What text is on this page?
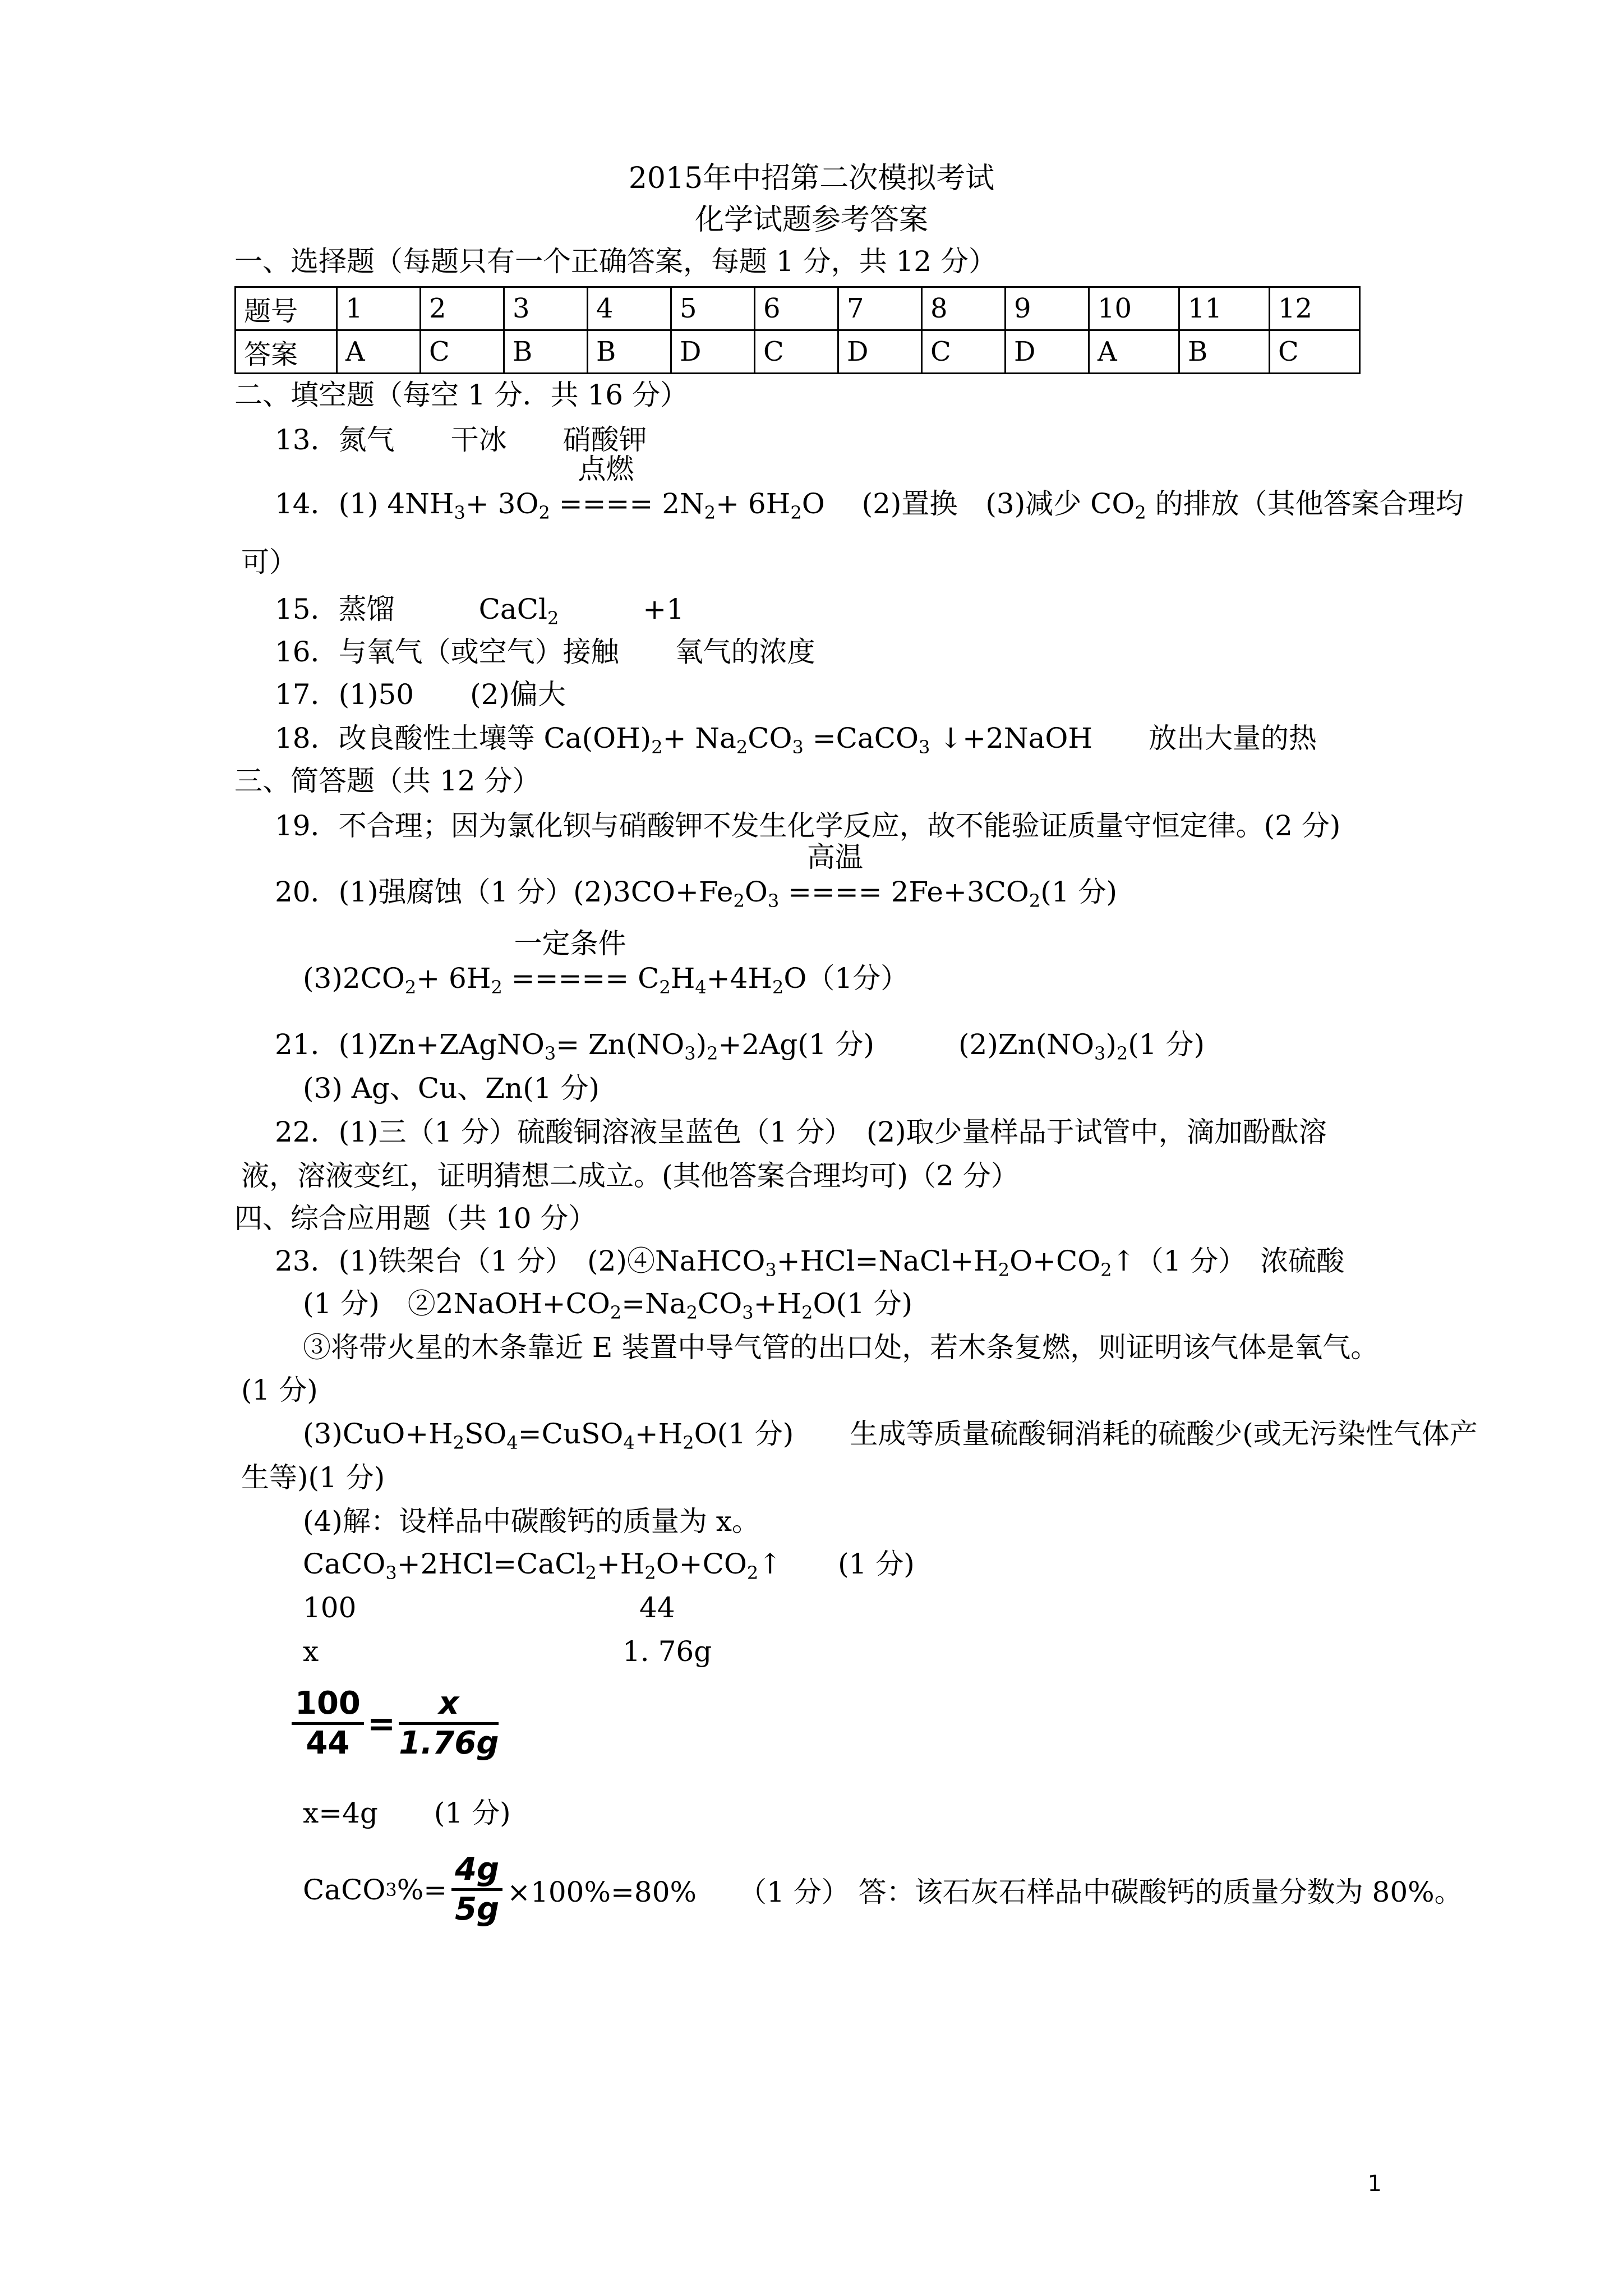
2015年中招第二次模拟考试
化学试题参考答案
一、选择题（每题只有一个正确答案，每题 1 分，共 12 分）
题号	1	2	3	4	5	6	7	8	9	10	11	12
答案	A	C	B	B	D	C	D	C	D	A	B	C
二、填空题（每空 1 分．共 16 分）
13．氮气　　干冰　　硝酸钾
14．(1) $4NH_3+ 3O_2$
点燃
==== $2N_2+ 6H_2O$　 (2)置换　(3)减少 $CO_2$ 的排放（其他答案合理均
可）
15．蒸馏　　　CaCl$_2$　　　+1
16．与氧气（或空气）接触　　氧气的浓度
17．(1)50　　(2)偏大
18．改良酸性土壤等 $Ca(OH)_2+ Na_2CO_3$ =CaCO$_3$ ↓+2NaOH　　放出大量的热
三、简答题（共 12 分）
19．不合理；因为氯化钡与硝酸钾不发生化学反应，故不能验证质量守恒定律。(2 分)
20．(1)强腐蚀（1 分）$(2)3CO+Fe_2O_3$
高温
==== $2Fe+3CO_2(1$ 分)
$(3)2CO_2+ 6H_2$
一定条件
===== $C_2H_4+4H_2O(1$分）
21．(1)Zn+ZAgNO$_3$= $Zn(NO_3)_2+2Ag(1$ 分)　　　$(2)Zn(NO_3)_2(1$ 分)
(3) Ag、Cu、Zn(1 分)
22．(1)三（1 分）硫酸铜溶液呈蓝色（1 分）　(2)取少量样品于试管中，滴加酚酞溶
液，溶液变红，证明猜想二成立。(其他答案合理均可)（2 分）
四、综合应用题（共 10 分）
23．(1)铁架台（1 分）　$(2)④NaHCO_3+HCl=NaCl+H_2O+CO_2↑(1$ 分）　浓硫酸
(1 分)　$②2NaOH+CO_2=Na_2CO_3+H_2O(1$ 分)
③将带火星的木条靠近 E 装置中导气管的出口处，若木条复燃，则证明该气体是氧气。
(1 分)
$(3)CuO+H_2SO_4=CuSO_4+H_2O(1$ 分)　　生成等质量硫酸铜消耗的硫酸少(或无污染性气体产
生等)(1 分)
(4)解：设样品中碳酸钙的质量为 x。
$CaCO_3+2HCl=CaCl_2+H_2O+CO_2↑$　　(1 分)
100	44
x	1. 76g
$\frac{100}{44} = \frac{x}{1.76g}$
x=4g　　(1 分)
CaCO 3 %= $\frac{4g}{5g} \times 100\%=80\%$　　（1 分） 答：该石灰石样品中碳酸钙的质量分数为 80%。
1
